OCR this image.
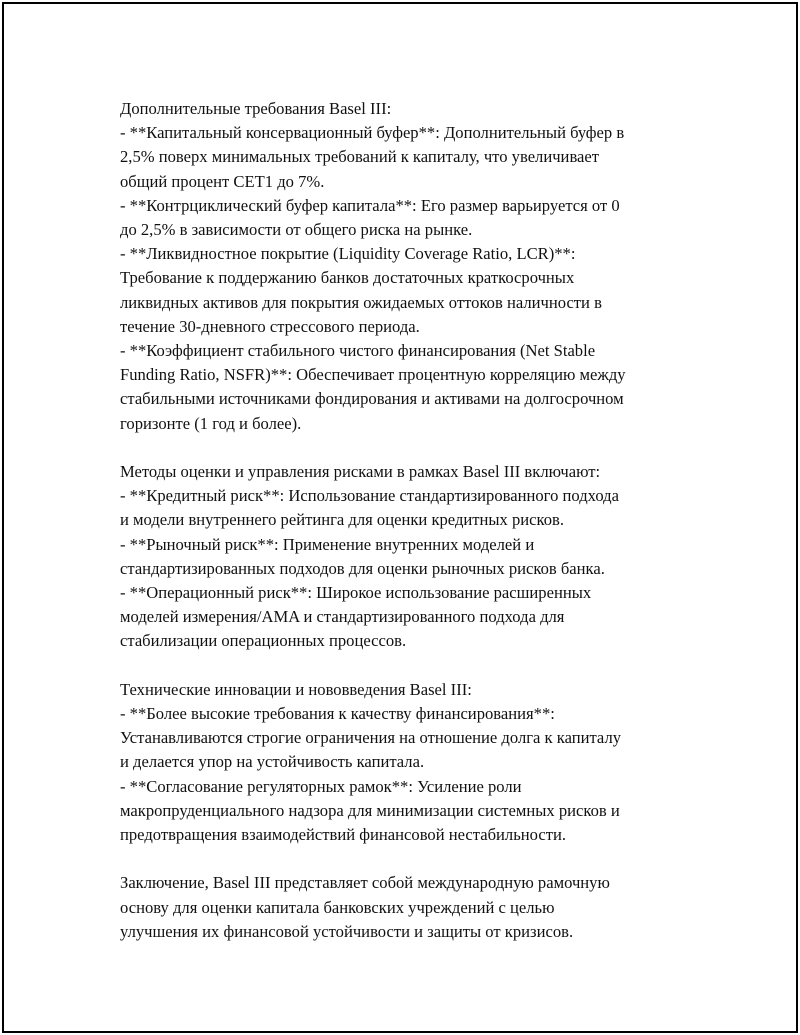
Дополнительные требования Basel III:
- **Капитальный консервационный буфер**: Дополнительный буфер в
2,5% поверх минимальных требований к капиталу, что увеличивает
общий процент CET1 до 7%.
- **Контрциклический буфер капитала**: Его размер варьируется от 0
до 2,5% в зависимости от общего риска на рынке.
- **Ликвидностное покрытие (Liquidity Coverage Ratio, LCR)**:
Требование к поддержанию банков достаточных краткосрочных
ликвидных активов для покрытия ожидаемых оттоков наличности в
течение 30-дневного стрессового периода.
- **Коэффициент стабильного чистого финансирования (Net Stable
Funding Ratio, NSFR)**: Обеспечивает процентную корреляцию между
стабильными источниками фондирования и активами на долгосрочном
горизонте (1 год и более).
Методы оценки и управления рисками в рамках Basel III включают:
- **Кредитный риск**: Использование стандартизированного подхода
и модели внутреннего рейтинга для оценки кредитных рисков.
- **Рыночный риск**: Применение внутренних моделей и
стандартизированных подходов для оценки рыночных рисков банка.
- **Операционный риск**: Широкое использование расширенных
моделей измерения/AMA и стандартизированного подхода для
стабилизации операционных процессов.
Технические инновации и нововведения Basel III:
- **Более высокие требования к качеству финансирования**:
Устанавливаются строгие ограничения на отношение долга к капиталу
и делается упор на устойчивость капитала.
- **Согласование регуляторных рамок**: Усиление роли
макропруденциального надзора для минимизации системных рисков и
предотвращения взаимодействий финансовой нестабильности.
Заключение, Basel III представляет собой международную рамочную
основу для оценки капитала банковских учреждений с целью
улучшения их финансовой устойчивости и защиты от кризисов.
